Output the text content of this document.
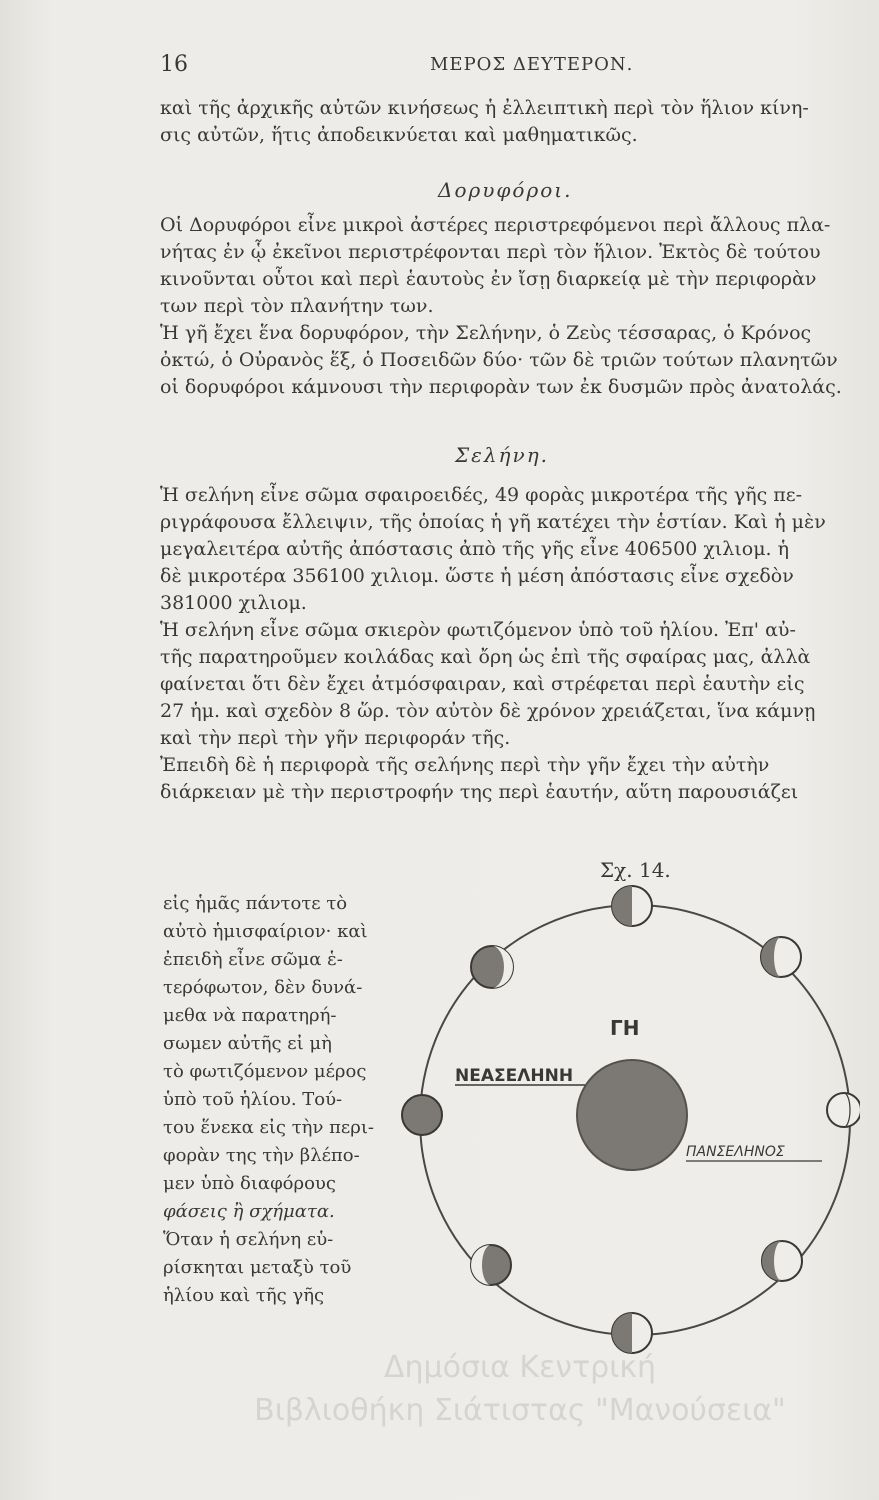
16	ΜΕΡΟΣ ΔΕΥΤΕΡΟΝ.

καὶ τῆς ἀρχικῆς αὐτῶν κινήσεως ἡ ἐλλειπτικὴ περὶ τὸν ἥλιον κίνη-

σις αὐτῶν, ἥτις ἀποδεικνύεται καὶ μαθηματικῶς.

Δορυφόροι.

Οἱ Δορυφόροι εἶνε μικροὶ ἀστέρες περιστρεφόμενοι περὶ ἄλλους πλα-

νήτας ἐν ᾧ ἐκεῖνοι περιστρέφονται περὶ τὸν ἥλιον. Ἐκτὸς δὲ τούτου

κινοῦνται οὗτοι καὶ περὶ ἑαυτοὺς ἐν ἴσῃ διαρκείᾳ μὲ τὴν περιφορὰν

των περὶ τὸν πλανήτην των.

Ἡ γῆ ἔχει ἕνα δορυφόρον, τὴν Σελήνην, ὁ Ζεὺς τέσσαρας, ὁ Κρόνος

ὀκτώ, ὁ Οὐρανὸς ἕξ, ὁ Ποσειδῶν δύο· τῶν δὲ τριῶν τούτων πλανητῶν

οἱ δορυφόροι κάμνουσι τὴν περιφορὰν των ἐκ δυσμῶν πρὸς ἀνατολάς.

Σελήνη.

Ἡ σελήνη εἶνε σῶμα σφαιροειδές, 49 φορὰς μικροτέρα τῆς γῆς πε-

ριγράφουσα ἔλλειψιν, τῆς ὁποίας ἡ γῆ κατέχει τὴν ἑστίαν. Καὶ ἡ μὲν

μεγαλειτέρα αὐτῆς ἀπόστασις ἀπὸ τῆς γῆς εἶνε 406500 χιλιομ. ἡ

δὲ μικροτέρα 356100 χιλιομ. ὥστε ἡ μέση ἀπόστασις εἶνε σχεδὸν

381000 χιλιομ.

Ἡ σελήνη εἶνε σῶμα σκιερὸν φωτιζόμενον ὑπὸ τοῦ ἡλίου. Ἐπ' αὐ-

τῆς παρατηροῦμεν κοιλάδας καὶ ὄρη ὡς ἐπὶ τῆς σφαίρας μας, ἀλλὰ

φαίνεται ὅτι δὲν ἔχει ἀτμόσφαιραν, καὶ στρέφεται περὶ ἑαυτὴν εἰς

27 ἡμ. καὶ σχεδὸν 8 ὥρ. τὸν αὐτὸν δὲ χρόνον χρειάζεται, ἵνα κάμνῃ

καὶ τὴν περὶ τὴν γῆν περιφοράν τῆς.

Ἐπειδὴ δὲ ἡ περιφορὰ τῆς σελήνης περὶ τὴν γῆν ἔχει τὴν αὐτὴν

διάρκειαν μὲ τὴν περιστροφήν της περὶ ἑαυτήν, αὕτη παρουσιάζει

Σχ. 14.

εἰς ἡμᾶς πάντοτε τὸ

αὐτὸ ἡμισφαίριον· καὶ

ἐπειδὴ εἶνε σῶμα ἑ-

τερόφωτον, δὲν δυνά-

μεθα νὰ παρατηρή-

σωμεν αὐτῆς εἰ μὴ

τὸ φωτιζόμενον μέρος

ὑπὸ τοῦ ἡλίου. Τού-

του ἕνεκα εἰς τὴν περι-

φορὰν της τὴν βλέπο-

μεν ὑπὸ διαφόρους

φάσεις ἢ σχήματα.

Ὅταν ἡ σελήνη εὑ-

ρίσκηται μεταξὺ τοῦ

ἡλίου καὶ τῆς γῆς

ΓΗ
ΝΕΑΣΕΛΗΝΗ
ΠΑΝΣΕΛΗΝΟΣ
Δημόσια Κεντρική
Βιβλιοθήκη Σιάτιστας "Μανούσεια"
